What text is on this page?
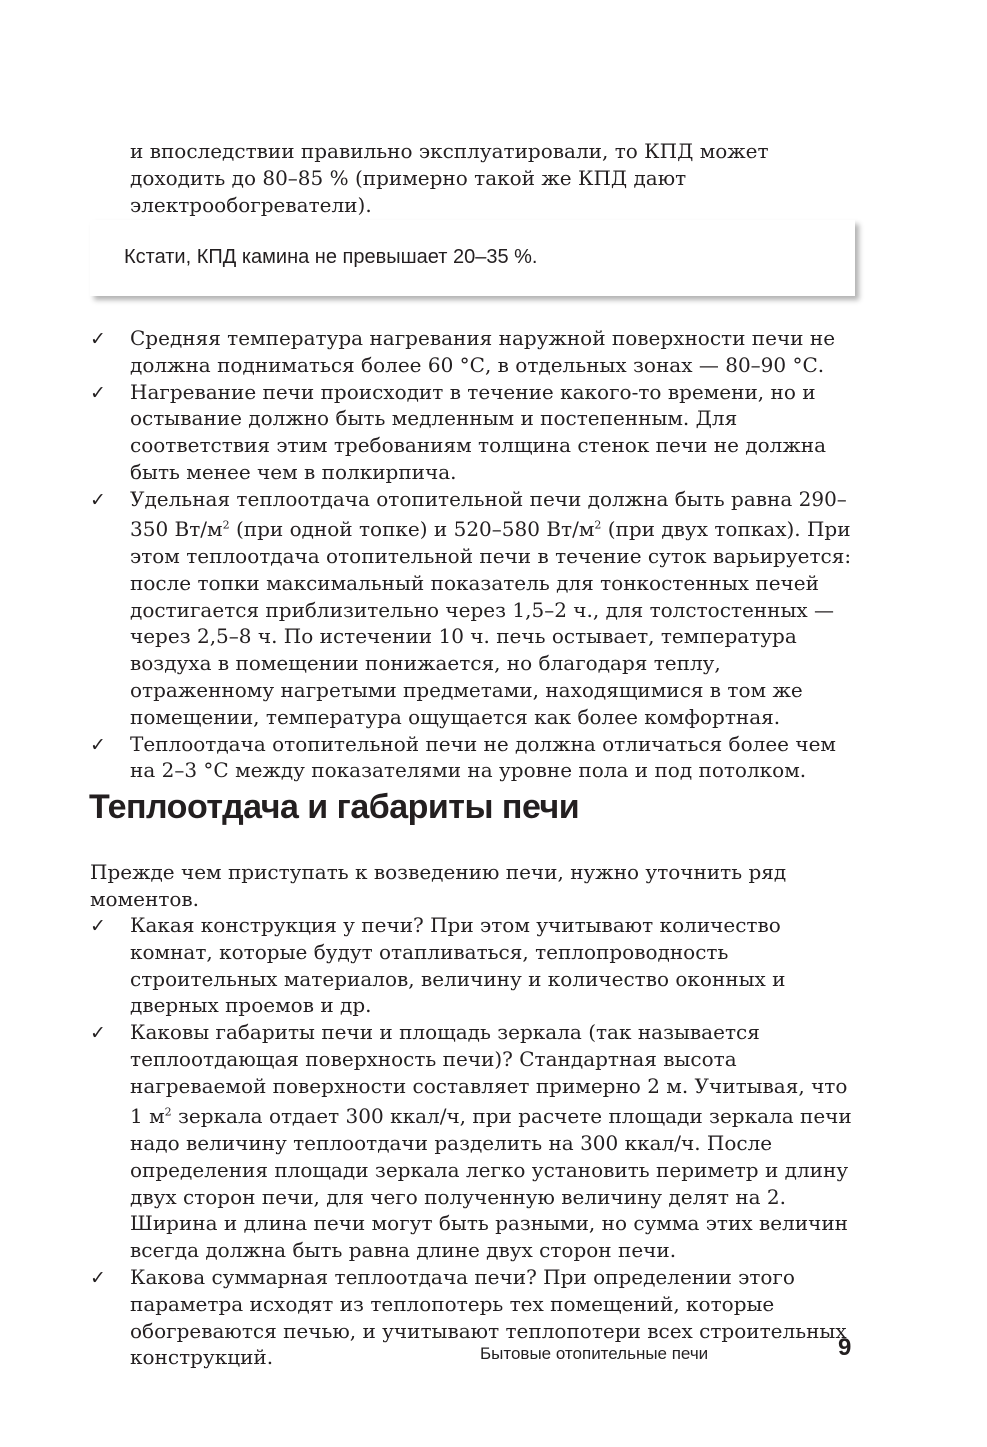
и впоследствии правильно эксплуатировали, то КПД может доходить до 80–85 % (примерно такой же КПД дают электрообогреватели).

Кстати, КПД камина не превышает 20–35 %.
✓	Средняя температура нагревания наружной поверхности печи не должна подниматься более 60 °С, в отдельных зонах — 80–90 °С.
✓	Нагревание печи происходит в течение какого-то времени, но и остывание должно быть медленным и постепенным. Для соответствия этим требованиям толщина стенок печи не должна быть менее чем в полкирпича.
✓	Удельная теплоотдача отопительной печи должна быть равна 290–350 $Вт/м^2$ (при одной топке) и 520–580 $Вт/м^2$ (при двух топках). При этом теплоотдача отопительной печи в течение суток варьируется: после топки максимальный показатель для тонкостенных печей достигается приблизительно через 1,5–2 ч., для толстостенных — через 2,5–8 ч. По истечении 10 ч. печь остывает, температура воздуха в помещении понижается, но благодаря теплу, отраженному нагретыми предметами, находящимися в том же помещении, температура ощущается как более комфортная.
✓	Теплоотдача отопительной печи не должна отличаться более чем на 2–3 °С между показателями на уровне пола и под потолком.
Теплоотдача и габариты печи

Прежде чем приступать к возведению печи, нужно уточнить ряд моментов.

✓	Какая конструкция у печи? При этом учитывают количество комнат, которые будут отапливаться, теплопроводность строительных материалов, величину и количество оконных и дверных проемов и др.
✓	Каковы габариты печи и площадь зеркала (так называется теплоотдающая поверхность печи)? Стандартная высота нагреваемой поверхности составляет примерно 2 м. Учитывая, что 1 $м^2$ зеркала отдает 300 ккал/ч, при расчете площади зеркала печи надо величину теплоотдачи разделить на 300 ккал/ч. После определения площади зеркала легко установить периметр и длину двух сторон печи, для чего полученную величину делят на 2. Ширина и длина печи могут быть разными, но сумма этих величин всегда должна быть равна длине двух сторон печи.
✓	Какова суммарная теплоотдача печи? При определении этого параметра исходят из теплопотерь тех помещений, которые обогреваются печью, и учитывают теплопотери всех строительных конструкций.	Бытовые отопительные печи	9
